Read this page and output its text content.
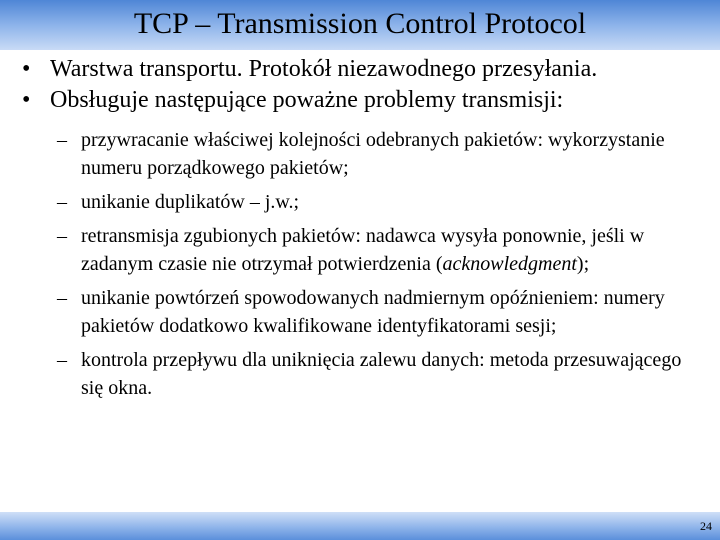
TCP – Transmission Control Protocol
• Warstwa transportu. Protokół niezawodnego przesyłania.
• Obsługuje następujące poważne problemy transmisji:
– przywracanie właściwej kolejności odebranych pakietów: wykorzystanie numeru porządkowego pakietów;
– unikanie duplikatów – j.w.;
– retransmisja zgubionych pakietów: nadawca wysyła ponownie, jeśli w zadanym czasie nie otrzymał potwierdzenia (acknowledgment);
– unikanie powtórzeń spowodowanych nadmiernym opóźnieniem: numery pakietów dodatkowo kwalifikowane identyfikatorami sesji;
– kontrola przepływu dla uniknięcia zalewu danych: metoda przesuwającego się okna.
24
